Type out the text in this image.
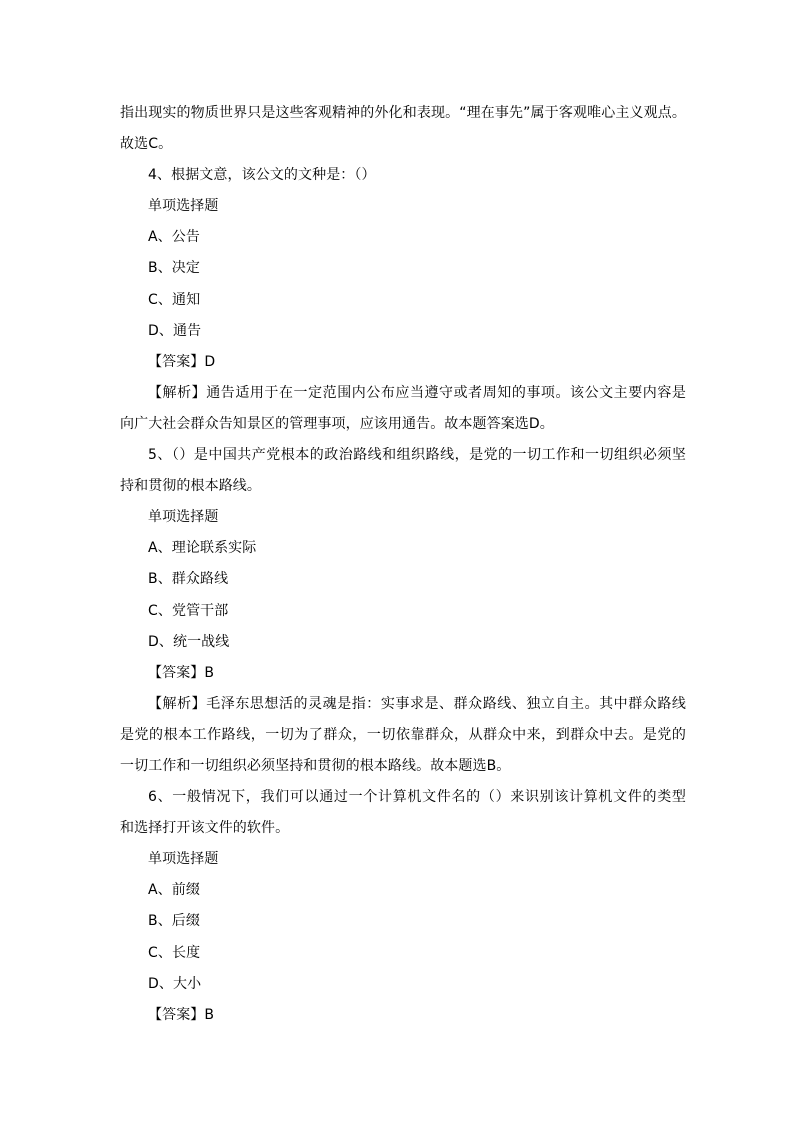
指出现实的物质世界只是这些客观精神的外化和表现。“理在事先”属于客观唯心主义观点。
故选C。
4、根据文意，该公文的文种是：（）
单项选择题
A、公告
B、决定
C、通知
D、通告
【答案】D
【解析】通告适用于在一定范围内公布应当遵守或者周知的事项。该公文主要内容是
向广大社会群众告知景区的管理事项，应该用通告。故本题答案选D。
5、（）是中国共产党根本的政治路线和组织路线，是党的一切工作和一切组织必须坚
持和贯彻的根本路线。
单项选择题
A、理论联系实际
B、群众路线
C、党管干部
D、统一战线
【答案】B
【解析】毛泽东思想活的灵魂是指：实事求是、群众路线、独立自主。其中群众路线
是党的根本工作路线，一切为了群众，一切依靠群众，从群众中来，到群众中去。是党的
一切工作和一切组织必须坚持和贯彻的根本路线。故本题选B。
6、一般情况下，我们可以通过一个计算机文件名的（）来识别该计算机文件的类型
和选择打开该文件的软件。
单项选择题
A、前缀
B、后缀
C、长度
D、大小
【答案】B
